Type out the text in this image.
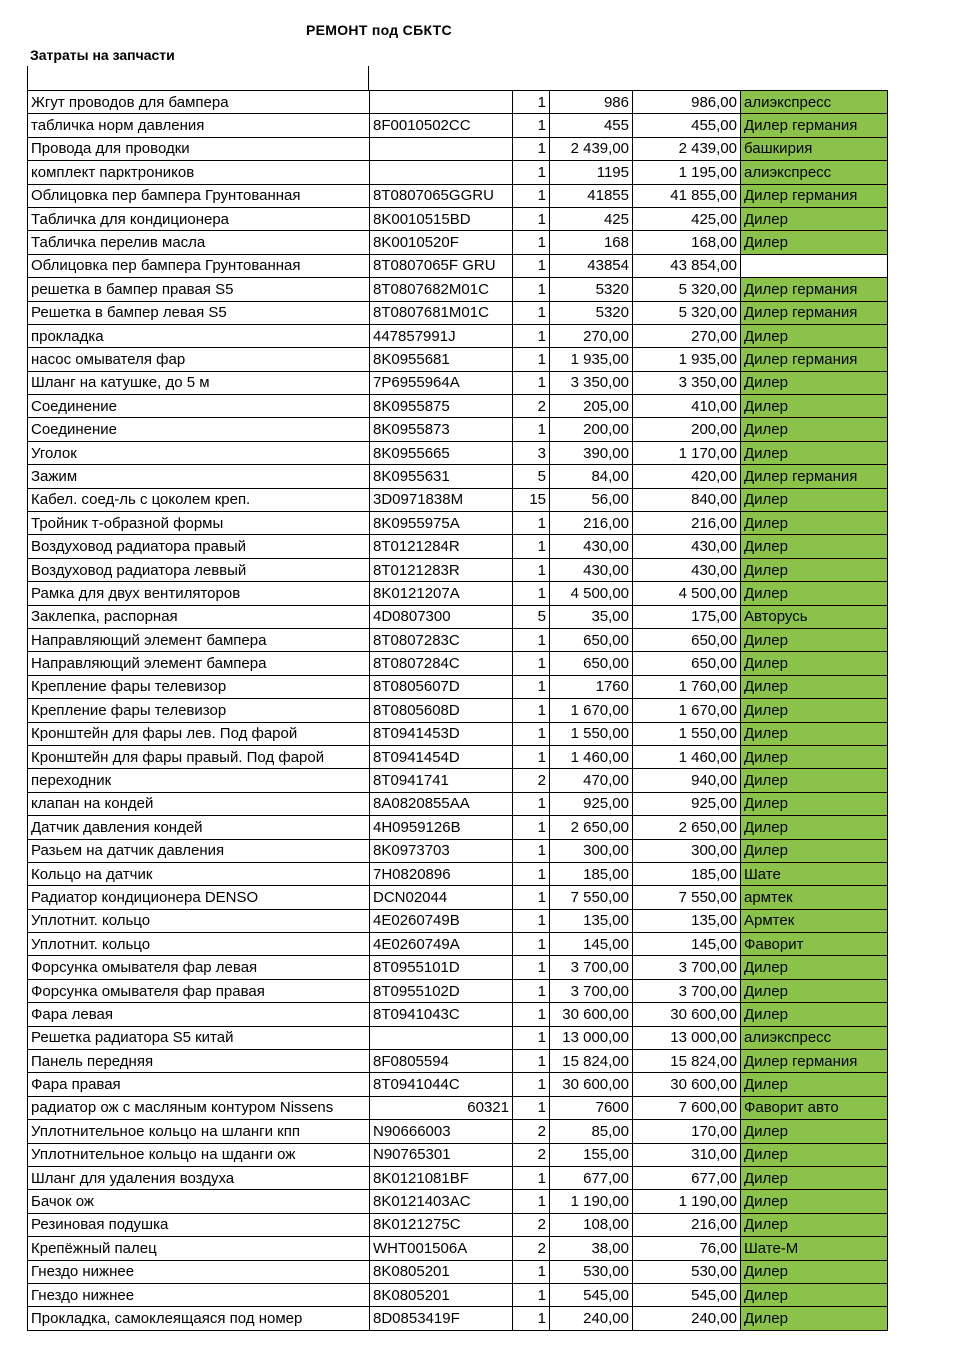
РЕМОНТ под СБКТС
Затраты на запчасти
Жгут проводов для бампера		1	986	986,00	алиэкспресс
табличка норм давления	8F0010502CC	1	455	455,00	Дилер германия
Провода для проводки		1	2 439,00	2 439,00	башкирия
комплект парктроников		1	1195	1 195,00	алиэкспресс
Облицовка пер бампера Грунтованная	8T0807065GGRU	1	41855	41 855,00	Дилер германия
Табличка для кондиционера	8K0010515BD	1	425	425,00	Дилер
Табличка перелив масла	8K0010520F	1	168	168,00	Дилер
Облицовка пер бампера Грунтованная	8T0807065F GRU	1	43854	43 854,00	
решетка в бампер правая S5	8T0807682M01C	1	5320	5 320,00	Дилер германия
Решетка в бампер левая S5	8T0807681M01C	1	5320	5 320,00	Дилер германия
прокладка	447857991J	1	270,00	270,00	Дилер
насос омывателя фар	8K0955681	1	1 935,00	1 935,00	Дилер германия
Шланг на катушке, до 5 м	7P6955964A	1	3 350,00	3 350,00	Дилер
Соединение	8K0955875	2	205,00	410,00	Дилер
Соединение	8K0955873	1	200,00	200,00	Дилер
Уголок	8K0955665	3	390,00	1 170,00	Дилер
Зажим	8K0955631	5	84,00	420,00	Дилер германия
Кабел. соед-ль с цоколем креп.	3D0971838M	15	56,00	840,00	Дилер
Тройник т-образной формы	8K0955975A	1	216,00	216,00	Дилер
Воздуховод радиатора правый	8T0121284R	1	430,00	430,00	Дилер
Воздуховод радиатора леввый	8T0121283R	1	430,00	430,00	Дилер
Рамка для двух вентиляторов	8K0121207A	1	4 500,00	4 500,00	Дилер
Заклепка, распорная	4D0807300	5	35,00	175,00	Авторусь
Направляющий элемент бампера	8T0807283C	1	650,00	650,00	Дилер
Направляющий элемент бампера	8T0807284C	1	650,00	650,00	Дилер
Крепление фары телевизор	8T0805607D	1	1760	1 760,00	Дилер
Крепление фары телевизор	8T0805608D	1	1 670,00	1 670,00	Дилер
Кронштейн для фары лев. Под фарой	8T0941453D	1	1 550,00	1 550,00	Дилер
Кронштейн для фары правый. Под фарой	8T0941454D	1	1 460,00	1 460,00	Дилер
переходник	8T0941741	2	470,00	940,00	Дилер
клапан на кондей	8A0820855AA	1	925,00	925,00	Дилер
Датчик давления кондей	4H0959126B	1	2 650,00	2 650,00	Дилер
Разьем на датчик давления	8K0973703	1	300,00	300,00	Дилер
Кольцо на датчик	7H0820896	1	185,00	185,00	Шате
Радиатор кондиционера DENSO	DCN02044	1	7 550,00	7 550,00	армтек
Уплотнит. кольцо	4E0260749B	1	135,00	135,00	Армтек
Уплотнит. кольцо	4E0260749A	1	145,00	145,00	Фаворит
Форсунка омывателя фар левая	8T0955101D	1	3 700,00	3 700,00	Дилер
Форсунка омывателя фар правая	8T0955102D	1	3 700,00	3 700,00	Дилер
Фара левая	8T0941043C	1	30 600,00	30 600,00	Дилер
Решетка радиатора S5 китай		1	13 000,00	13 000,00	алиэкспресс
Панель передняя	8F0805594	1	15 824,00	15 824,00	Дилер германия
Фара правая	8T0941044C	1	30 600,00	30 600,00	Дилер
радиатор ож с масляным контуром Nissens	60321	1	7600	7 600,00	Фаворит авто
Уплотнительное кольцо на шланги кпп	N90666003	2	85,00	170,00	Дилер
Уплотнительное кольцо на шданги ож	N90765301	2	155,00	310,00	Дилер
Шланг для удаления воздуха	8K0121081BF	1	677,00	677,00	Дилер
Бачок ож	8K0121403AC	1	1 190,00	1 190,00	Дилер
Резиновая подушка	8K0121275C	2	108,00	216,00	Дилер
Крепёжный палец	WHT001506A	2	38,00	76,00	Шате-М
Гнездо нижнее	8K0805201	1	530,00	530,00	Дилер
Гнездо нижнее	8K0805201	1	545,00	545,00	Дилер
Прокладка, самоклеящаяся под номер	8D0853419F	1	240,00	240,00	Дилер
